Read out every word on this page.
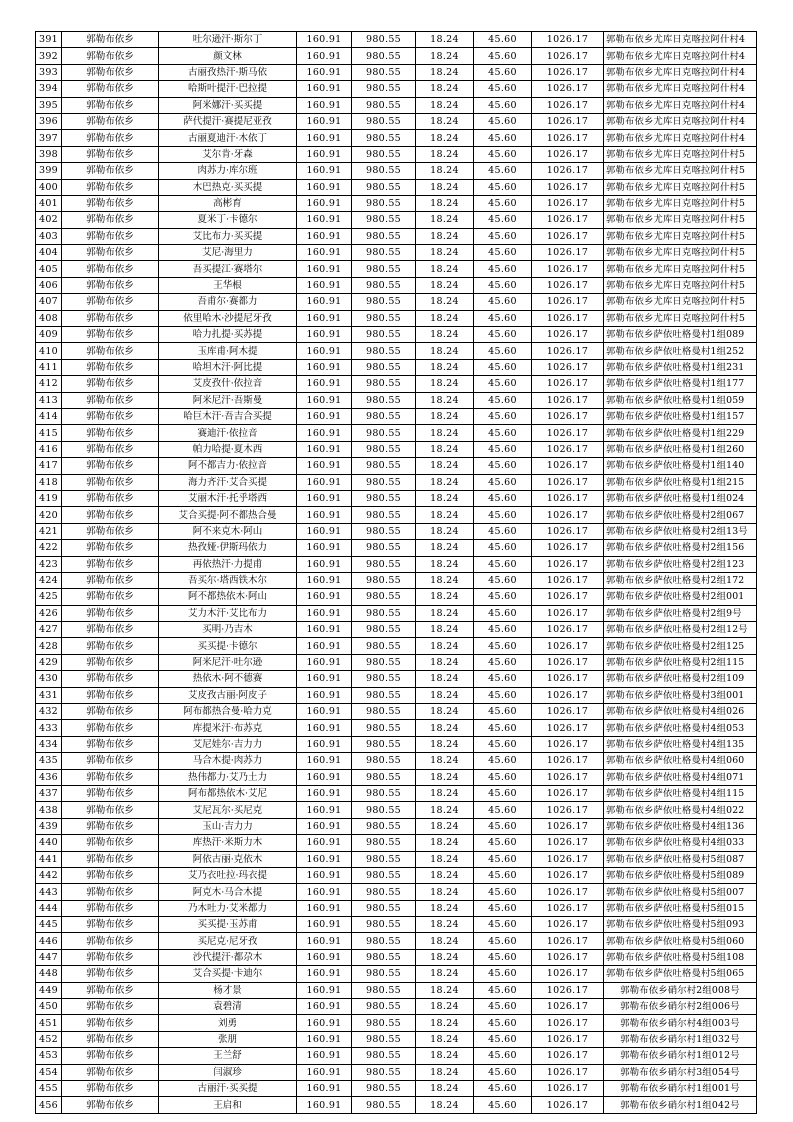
391	郭勒布依乡	吐尔逊汗·斯尔丁	160.91	980.55	18.24	45.60	1026.17	郭勒布依乡尤库日克喀拉阿什村4
392	郭勒布依乡	颜文林	160.91	980.55	18.24	45.60	1026.17	郭勒布依乡尤库日克喀拉阿什村4
393	郭勒布依乡	古丽孜热汗·斯马依	160.91	980.55	18.24	45.60	1026.17	郭勒布依乡尤库日克喀拉阿什村4
394	郭勒布依乡	哈斯叶提汗·巴拉提	160.91	980.55	18.24	45.60	1026.17	郭勒布依乡尤库日克喀拉阿什村4
395	郭勒布依乡	阿米娜汗·买买提	160.91	980.55	18.24	45.60	1026.17	郭勒布依乡尤库日克喀拉阿什村4
396	郭勒布依乡	萨代提汗·赛提尼亚孜	160.91	980.55	18.24	45.60	1026.17	郭勒布依乡尤库日克喀拉阿什村4
397	郭勒布依乡	古丽夏迪汗·木依丁	160.91	980.55	18.24	45.60	1026.17	郭勒布依乡尤库日克喀拉阿什村4
398	郭勒布依乡	艾尔肯·牙森	160.91	980.55	18.24	45.60	1026.17	郭勒布依乡尤库日克喀拉阿什村5
399	郭勒布依乡	肉苏力·库尔班	160.91	980.55	18.24	45.60	1026.17	郭勒布依乡尤库日克喀拉阿什村5
400	郭勒布依乡	木巴热克·买买提	160.91	980.55	18.24	45.60	1026.17	郭勒布依乡尤库日克喀拉阿什村5
401	郭勒布依乡	高彬育	160.91	980.55	18.24	45.60	1026.17	郭勒布依乡尤库日克喀拉阿什村5
402	郭勒布依乡	夏米丁·卡德尔	160.91	980.55	18.24	45.60	1026.17	郭勒布依乡尤库日克喀拉阿什村5
403	郭勒布依乡	艾比布力·买买提	160.91	980.55	18.24	45.60	1026.17	郭勒布依乡尤库日克喀拉阿什村5
404	郭勒布依乡	艾尼·海里力	160.91	980.55	18.24	45.60	1026.17	郭勒布依乡尤库日克喀拉阿什村5
405	郭勒布依乡	吾买提江·赛塔尔	160.91	980.55	18.24	45.60	1026.17	郭勒布依乡尤库日克喀拉阿什村5
406	郭勒布依乡	王华根	160.91	980.55	18.24	45.60	1026.17	郭勒布依乡尤库日克喀拉阿什村5
407	郭勒布依乡	吾甫尔·赛都力	160.91	980.55	18.24	45.60	1026.17	郭勒布依乡尤库日克喀拉阿什村5
408	郭勒布依乡	依里哈木·沙提尼牙孜	160.91	980.55	18.24	45.60	1026.17	郭勒布依乡尤库日克喀拉阿什村5
409	郭勒布依乡	哈力扎提·买苏提	160.91	980.55	18.24	45.60	1026.17	郭勒布依乡萨依吐格曼村1组089
410	郭勒布依乡	玉库甫·阿木提	160.91	980.55	18.24	45.60	1026.17	郭勒布依乡萨依吐格曼村1组252
411	郭勒布依乡	哈坦木汗·阿比提	160.91	980.55	18.24	45.60	1026.17	郭勒布依乡萨依吐格曼村1组231
412	郭勒布依乡	艾皮孜什·依拉音	160.91	980.55	18.24	45.60	1026.17	郭勒布依乡萨依吐格曼村1组177
413	郭勒布依乡	阿米尼汗·吾斯曼	160.91	980.55	18.24	45.60	1026.17	郭勒布依乡萨依吐格曼村1组059
414	郭勒布依乡	哈巨木汗·吾吉合买提	160.91	980.55	18.24	45.60	1026.17	郭勒布依乡萨依吐格曼村1组157
415	郭勒布依乡	赛迪汗·依拉音	160.91	980.55	18.24	45.60	1026.17	郭勒布依乡萨依吐格曼村1组229
416	郭勒布依乡	帕力哈提·夏木西	160.91	980.55	18.24	45.60	1026.17	郭勒布依乡萨依吐格曼村1组260
417	郭勒布依乡	阿不都吉力·依拉音	160.91	980.55	18.24	45.60	1026.17	郭勒布依乡萨依吐格曼村1组140
418	郭勒布依乡	海力齐汗·艾合买提	160.91	980.55	18.24	45.60	1026.17	郭勒布依乡萨依吐格曼村1组215
419	郭勒布依乡	艾丽木汗·托乎塔西	160.91	980.55	18.24	45.60	1026.17	郭勒布依乡萨依吐格曼村1组024
420	郭勒布依乡	艾合买提·阿不都热合曼	160.91	980.55	18.24	45.60	1026.17	郭勒布依乡萨依吐格曼村2组067
421	郭勒布依乡	阿不来克木·阿山	160.91	980.55	18.24	45.60	1026.17	郭勒布依乡萨依吐格曼村2组13号
422	郭勒布依乡	热孜娅·伊斯玛依力	160.91	980.55	18.24	45.60	1026.17	郭勒布依乡萨依吐格曼村2组156
423	郭勒布依乡	再依热汗·力提甫	160.91	980.55	18.24	45.60	1026.17	郭勒布依乡萨依吐格曼村2组123
424	郭勒布依乡	吾买尔·塔西铁木尔	160.91	980.55	18.24	45.60	1026.17	郭勒布依乡萨依吐格曼村2组172
425	郭勒布依乡	阿不都热依木·阿山	160.91	980.55	18.24	45.60	1026.17	郭勒布依乡萨依吐格曼村2组001
426	郭勒布依乡	艾力木汗·艾比布力	160.91	980.55	18.24	45.60	1026.17	郭勒布依乡萨依吐格曼村2组9号
427	郭勒布依乡	买明·乃吉木	160.91	980.55	18.24	45.60	1026.17	郭勒布依乡萨依吐格曼村2组12号
428	郭勒布依乡	买买提·卡德尔	160.91	980.55	18.24	45.60	1026.17	郭勒布依乡萨依吐格曼村2组125
429	郭勒布依乡	阿米尼汗·吐尔逊	160.91	980.55	18.24	45.60	1026.17	郭勒布依乡萨依吐格曼村2组115
430	郭勒布依乡	热依木·阿不德赛	160.91	980.55	18.24	45.60	1026.17	郭勒布依乡萨依吐格曼村2组109
431	郭勒布依乡	艾皮孜古丽·阿皮子	160.91	980.55	18.24	45.60	1026.17	郭勒布依乡萨依吐格曼村3组001
432	郭勒布依乡	阿布都热合曼·哈力克	160.91	980.55	18.24	45.60	1026.17	郭勒布依乡萨依吐格曼村4组026
433	郭勒布依乡	库提米汗·布苏克	160.91	980.55	18.24	45.60	1026.17	郭勒布依乡萨依吐格曼村4组053
434	郭勒布依乡	艾尼娃尔·吉力力	160.91	980.55	18.24	45.60	1026.17	郭勒布依乡萨依吐格曼村4组135
435	郭勒布依乡	马合木提·肉苏力	160.91	980.55	18.24	45.60	1026.17	郭勒布依乡萨依吐格曼村4组060
436	郭勒布依乡	热伟都力·艾乃土力	160.91	980.55	18.24	45.60	1026.17	郭勒布依乡萨依吐格曼村4组071
437	郭勒布依乡	阿布都热依木·艾尼	160.91	980.55	18.24	45.60	1026.17	郭勒布依乡萨依吐格曼村4组115
438	郭勒布依乡	艾尼瓦尔·买尼克	160.91	980.55	18.24	45.60	1026.17	郭勒布依乡萨依吐格曼村4组022
439	郭勒布依乡	玉山·吉力力	160.91	980.55	18.24	45.60	1026.17	郭勒布依乡萨依吐格曼村4组136
440	郭勒布依乡	库热汗·米斯力木	160.91	980.55	18.24	45.60	1026.17	郭勒布依乡萨依吐格曼村4组033
441	郭勒布依乡	阿依古丽·克依木	160.91	980.55	18.24	45.60	1026.17	郭勒布依乡萨依吐格曼村5组087
442	郭勒布依乡	艾乃衣吐拉·玛衣提	160.91	980.55	18.24	45.60	1026.17	郭勒布依乡萨依吐格曼村5组089
443	郭勒布依乡	阿克木·马合木提	160.91	980.55	18.24	45.60	1026.17	郭勒布依乡萨依吐格曼村5组007
444	郭勒布依乡	乃木吐力·艾米都力	160.91	980.55	18.24	45.60	1026.17	郭勒布依乡萨依吐格曼村5组015
445	郭勒布依乡	买买提·玉苏甫	160.91	980.55	18.24	45.60	1026.17	郭勒布依乡萨依吐格曼村5组093
446	郭勒布依乡	买尼克·尼牙孜	160.91	980.55	18.24	45.60	1026.17	郭勒布依乡萨依吐格曼村5组060
447	郭勒布依乡	沙代提汗·都尕木	160.91	980.55	18.24	45.60	1026.17	郭勒布依乡萨依吐格曼村5组108
448	郭勒布依乡	艾合买提·卡迪尔	160.91	980.55	18.24	45.60	1026.17	郭勒布依乡萨依吐格曼村5组065
449	郭勒布依乡	杨才景	160.91	980.55	18.24	45.60	1026.17	郭勒布依乡硝尔村2组008号
450	郭勒布依乡	袁碧清	160.91	980.55	18.24	45.60	1026.17	郭勒布依乡硝尔村2组006号
451	郭勒布依乡	刘勇	160.91	980.55	18.24	45.60	1026.17	郭勒布依乡硝尔村4组003号
452	郭勒布依乡	张朋	160.91	980.55	18.24	45.60	1026.17	郭勒布依乡硝尔村1组032号
453	郭勒布依乡	王兰舒	160.91	980.55	18.24	45.60	1026.17	郭勒布依乡硝尔村1组012号
454	郭勒布依乡	闫淑珍	160.91	980.55	18.24	45.60	1026.17	郭勒布依乡硝尔村3组054号
455	郭勒布依乡	古丽汗·买买提	160.91	980.55	18.24	45.60	1026.17	郭勒布依乡硝尔村1组001号
456	郭勒布依乡	王启和	160.91	980.55	18.24	45.60	1026.17	郭勒布依乡硝尔村1组042号
